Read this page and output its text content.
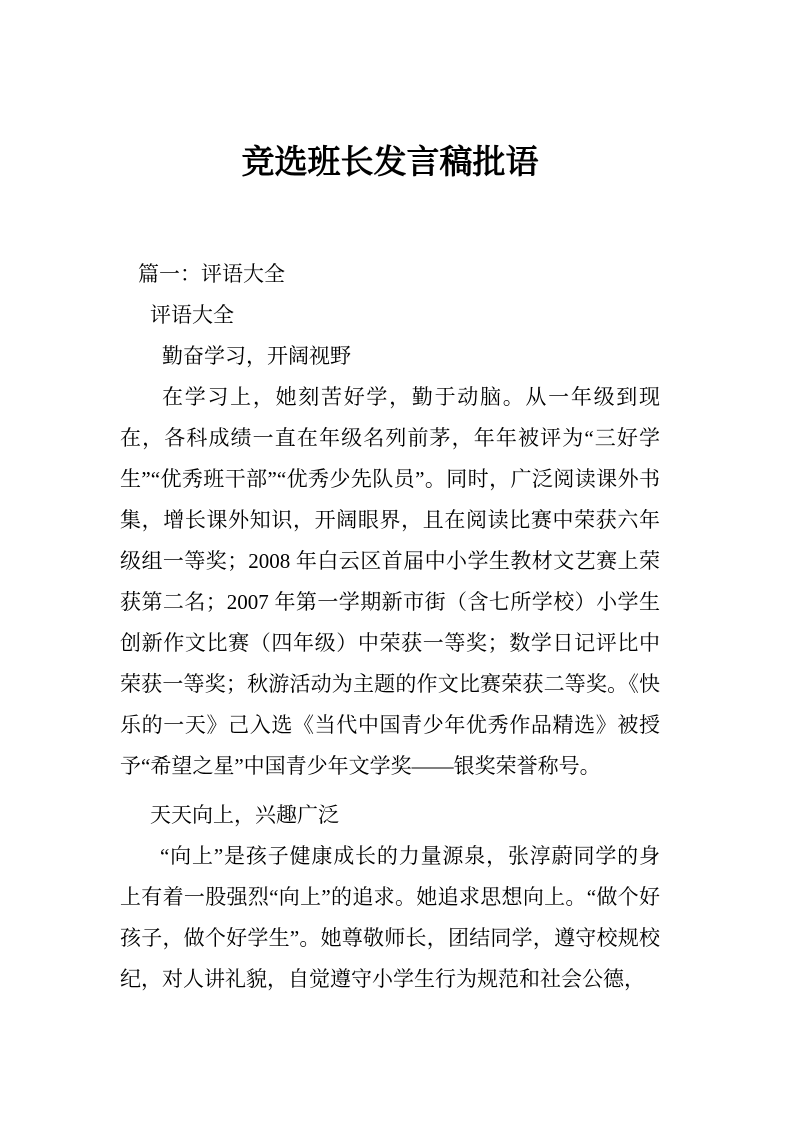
竞选班长发言稿批语

篇一：评语大全

评语大全

勤奋学习，开阔视野

在学习上，她刻苦好学，勤于动脑。从一年级到现在，各科成绩一直在年级名列前茅，年年被评为“三好学生”“优秀班干部”“优秀少先队员”。同时，广泛阅读课外书集，增长课外知识，开阔眼界，且在阅读比赛中荣获六年级组一等奖；2008 年白云区首届中小学生教材文艺赛上荣获第二名；2007 年第一学期新市街（含七所学校）小学生创新作文比赛（四年级）中荣获一等奖；数学日记评比中荣获一等奖；秋游活动为主题的作文比赛荣获二等奖。《快乐的一天》己入选《当代中国青少年优秀作品精选》被授予“希望之星”中国青少年文学奖——银奖荣誉称号。

天天向上，兴趣广泛

“向上”是孩子健康成长的力量源泉，张淳蔚同学的身上有着一股强烈“向上”的追求。她追求思想向上。“做个好孩子，做个好学生”。她尊敬师长，团结同学，遵守校规校纪，对人讲礼貌，自觉遵守小学生行为规范和社会公德，
